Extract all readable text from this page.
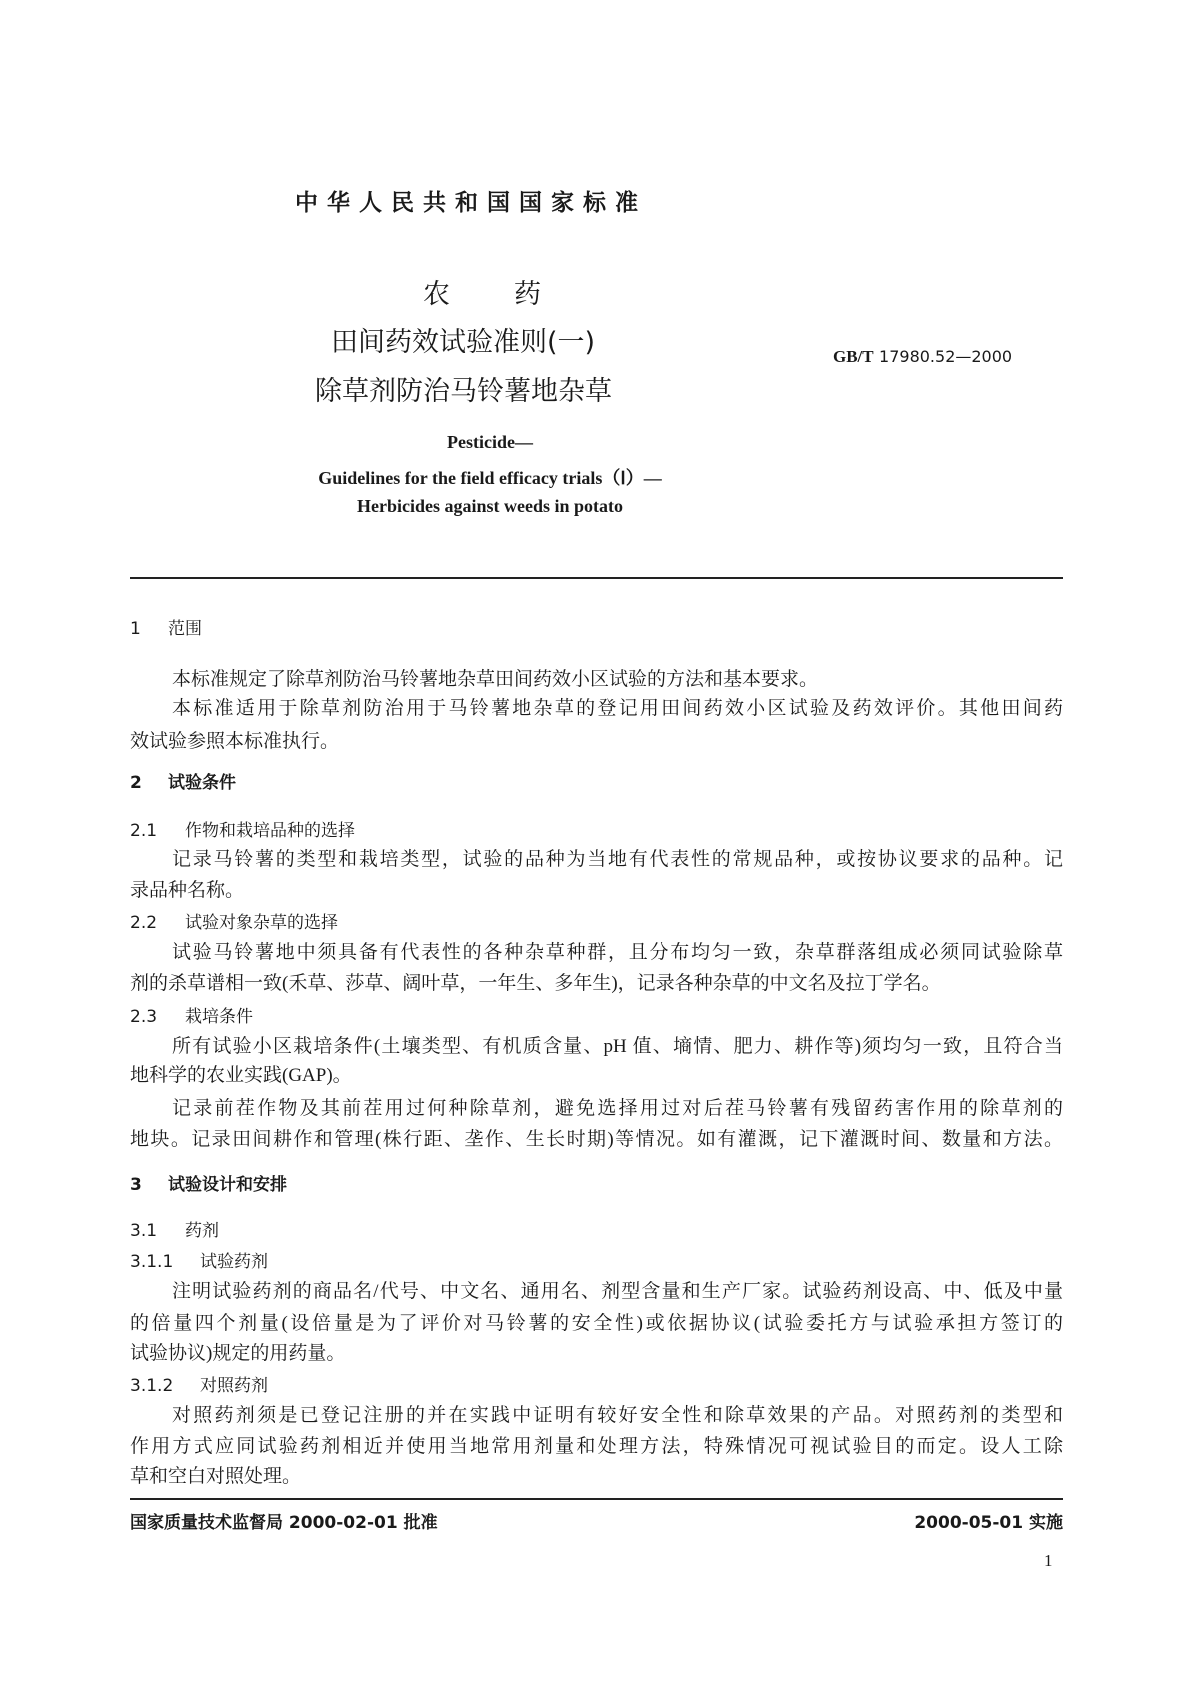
中华人民共和国国家标准
农 药
田间药效试验准则(一)
除草剂防治马铃薯地杂草
GB/T 17980.52—2000
Pesticide—
Guidelines for the field efficacy trials（Ⅰ）—
Herbicides against weeds in potato
1 范围
本标准规定了除草剂防治马铃薯地杂草田间药效小区试验的方法和基本要求。
本标准适用于除草剂防治用于马铃薯地杂草的登记用田间药效小区试验及药效评价。其他田间药
效试验参照本标准执行。
2 试验条件
2.1 作物和栽培品种的选择
记录马铃薯的类型和栽培类型，试验的品种为当地有代表性的常规品种，或按协议要求的品种。记
录品种名称。
2.2 试验对象杂草的选择
试验马铃薯地中须具备有代表性的各种杂草种群，且分布均匀一致，杂草群落组成必须同试验除草
剂的杀草谱相一致(禾草、莎草、阔叶草，一年生、多年生)，记录各种杂草的中文名及拉丁学名。
2.3 栽培条件
所有试验小区栽培条件(土壤类型、有机质含量、pH 值、墒情、肥力、耕作等)须均匀一致，且符合当
地科学的农业实践(GAP)。
记录前茬作物及其前茬用过何种除草剂，避免选择用过对后茬马铃薯有残留药害作用的除草剂的
地块。记录田间耕作和管理(株行距、垄作、生长时期)等情况。如有灌溉，记下灌溉时间、数量和方法。
3 试验设计和安排
3.1 药剂
3.1.1 试验药剂
注明试验药剂的商品名/代号、中文名、通用名、剂型含量和生产厂家。试验药剂设高、中、低及中量
的倍量四个剂量(设倍量是为了评价对马铃薯的安全性)或依据协议(试验委托方与试验承担方签订的
试验协议)规定的用药量。
3.1.2 对照药剂
对照药剂须是已登记注册的并在实践中证明有较好安全性和除草效果的产品。对照药剂的类型和
作用方式应同试验药剂相近并使用当地常用剂量和处理方法，特殊情况可视试验目的而定。设人工除
草和空白对照处理。
国家质量技术监督局 2000-02-01 批准	2000-05-01 实施
1
